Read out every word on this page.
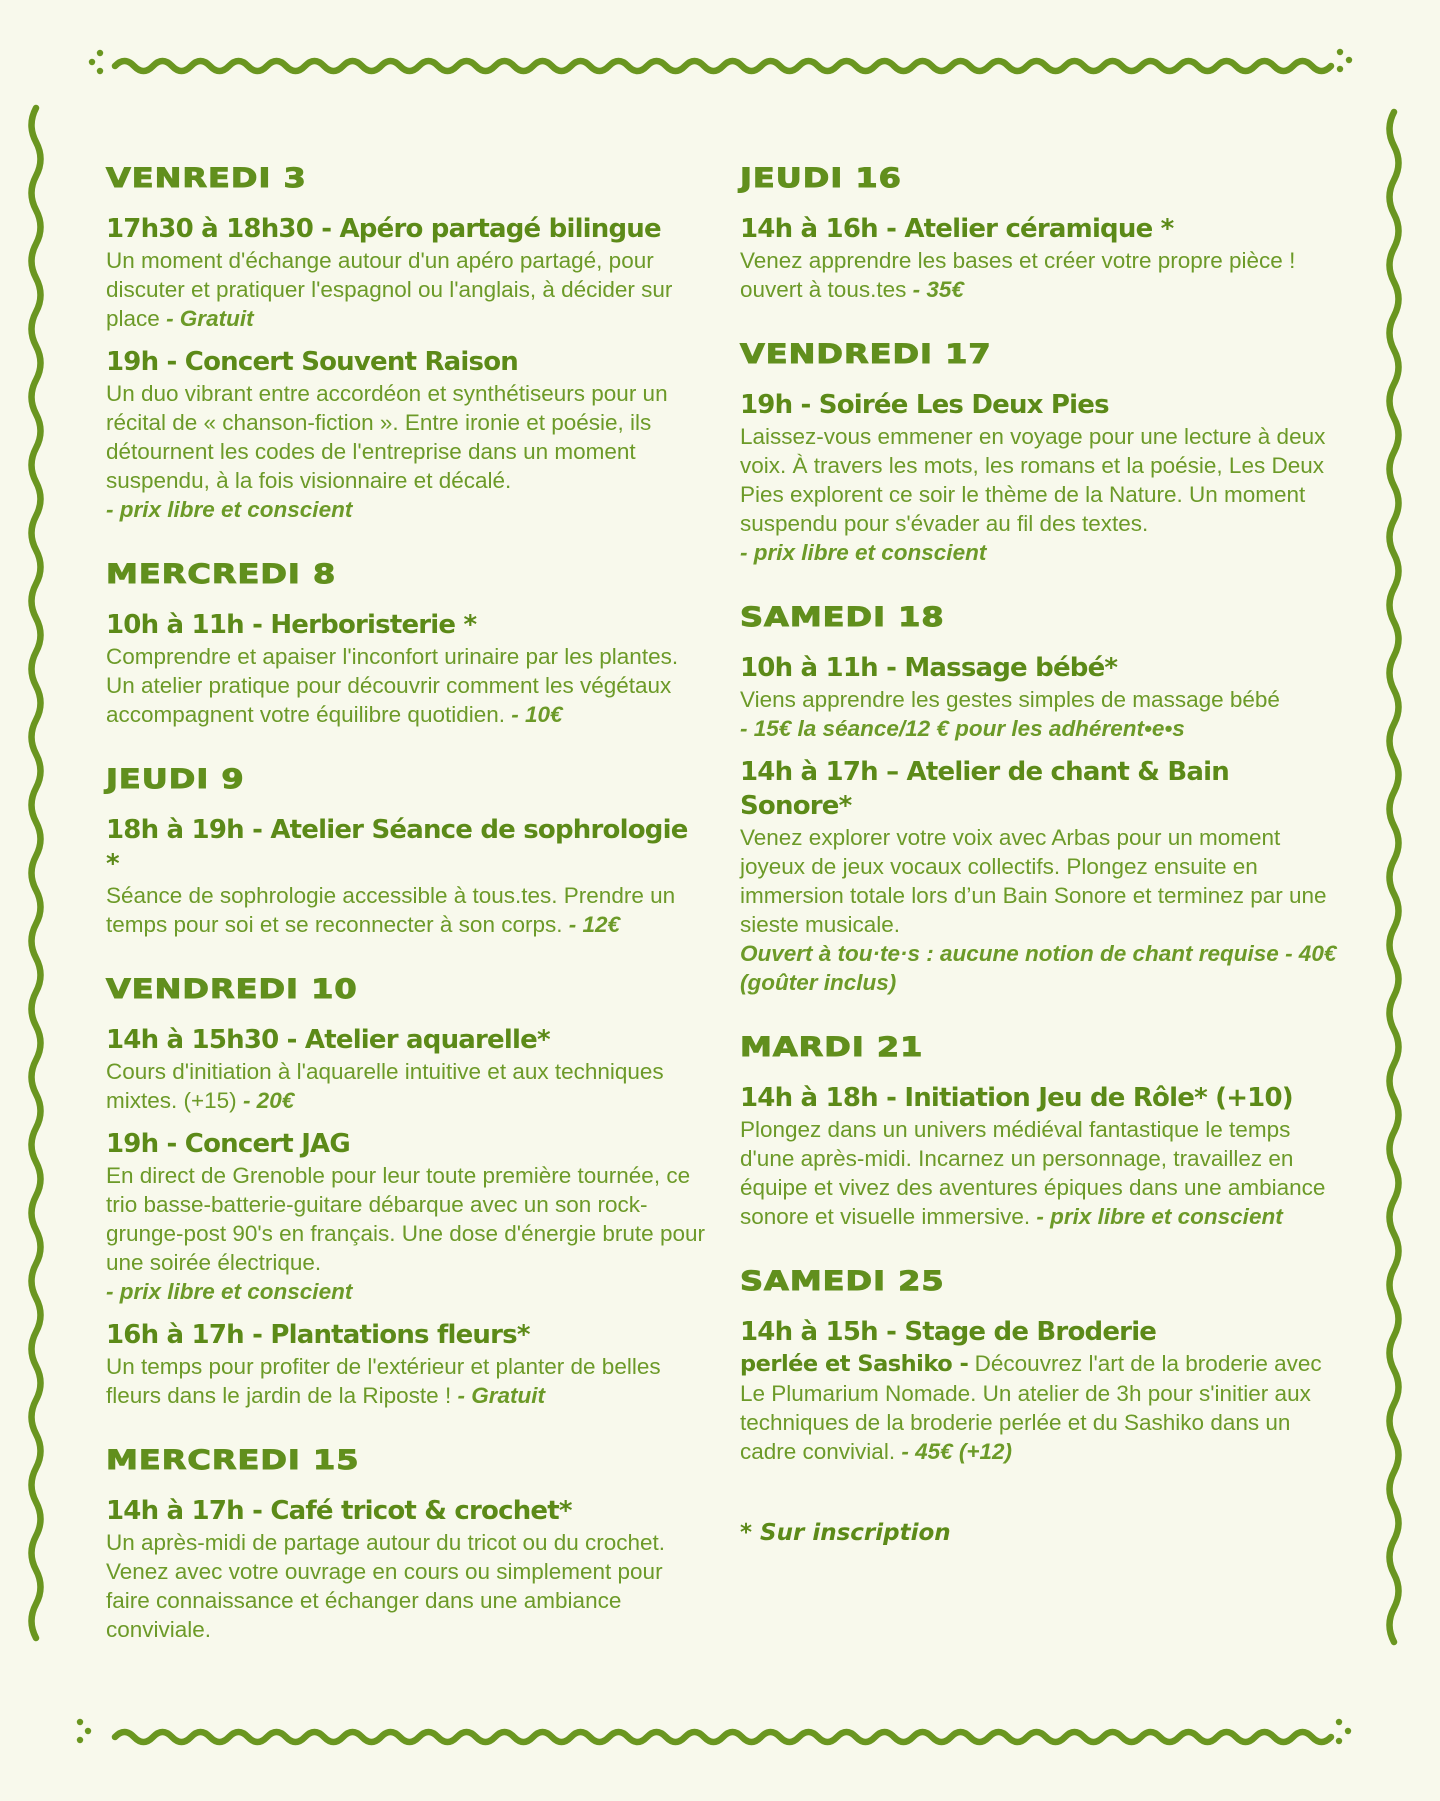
VENREDI 3
17h30 à 18h30 - Apéro partagé bilingue

Un moment d'échange autour d'un apéro partagé, pour discuter et pratiquer l'espagnol ou l'anglais, à décider sur place - Gratuit

19h - Concert Souvent Raison

Un duo vibrant entre accordéon et synthétiseurs pour un récital de « chanson-fiction ». Entre ironie et poésie, ils détournent les codes de l'entreprise dans un moment suspendu, à la fois visionnaire et décalé.
- prix libre et conscient

MERCREDI 8
10h à 11h - Herboristerie *

Comprendre et apaiser l'inconfort urinaire par les plantes. Un atelier pratique pour découvrir comment les végétaux accompagnent votre équilibre quotidien. - 10€

JEUDI 9
18h à 19h - Atelier Séance de sophrologie *

Séance de sophrologie accessible à tous.tes. Prendre un temps pour soi et se reconnecter à son corps. - 12€

VENDREDI 10
14h à 15h30 - Atelier aquarelle*

Cours d'initiation à l'aquarelle intuitive et aux techniques mixtes. (+15) - 20€

19h - Concert JAG

En direct de Grenoble pour leur toute première tournée, ce trio basse-batterie-guitare débarque avec un son rock-grunge-post 90's en français. Une dose d'énergie brute pour une soirée électrique.
- prix libre et conscient

16h à 17h - Plantations fleurs*

Un temps pour profiter de l'extérieur et planter de belles fleurs dans le jardin de la Riposte ! - Gratuit

MERCREDI 15
14h à 17h - Café tricot & crochet*

Un après-midi de partage autour du tricot ou du crochet. Venez avec votre ouvrage en cours ou simplement pour faire connaissance et échanger dans une ambiance conviviale.

JEUDI 16
14h à 16h - Atelier céramique *

Venez apprendre les bases et créer votre propre pièce ! ouvert à tous.tes - 35€

VENDREDI 17
19h - Soirée Les Deux Pies

Laissez-vous emmener en voyage pour une lecture à deux voix. À travers les mots, les romans et la poésie, Les Deux Pies explorent ce soir le thème de la Nature. Un moment suspendu pour s'évader au fil des textes.
- prix libre et conscient

SAMEDI 18
10h à 11h - Massage bébé*

Viens apprendre les gestes simples de massage bébé
- 15€ la séance/12 € pour les adhérent•e•s

14h à 17h – Atelier de chant & Bain Sonore*

Venez explorer votre voix avec Arbas pour un moment joyeux de jeux vocaux collectifs. Plongez ensuite en immersion totale lors d’un Bain Sonore et terminez par une sieste musicale.
Ouvert à tou·te·s : aucune notion de chant requise - 40€ (goûter inclus)

MARDI 21
14h à 18h - Initiation Jeu de Rôle* (+10)

Plongez dans un univers médiéval fantastique le temps d'une après-midi. Incarnez un personnage, travaillez en équipe et vivez des aventures épiques dans une ambiance sonore et visuelle immersive. - prix libre et conscient

SAMEDI 25
14h à 15h - Stage de Broderie

perlée et Sashiko - Découvrez l'art de la broderie avec Le Plumarium Nomade. Un atelier de 3h pour s'initier aux techniques de la broderie perlée et du Sashiko dans un cadre convivial. - 45€ (+12)

* Sur inscription
